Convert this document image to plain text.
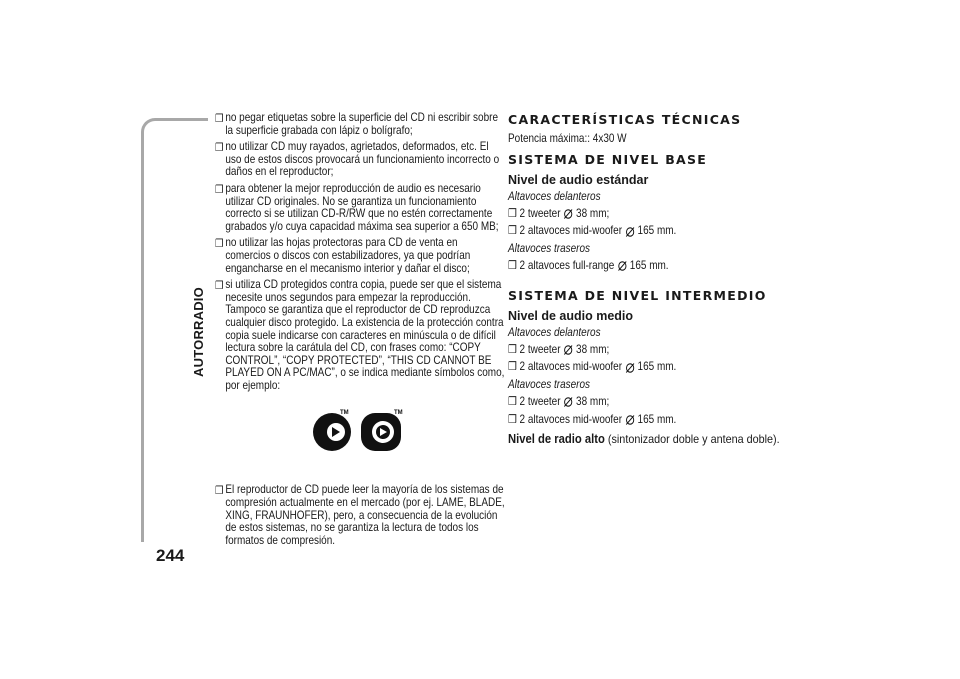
AUTORRADIO
244
❒ no pegar etiquetas sobre la superficie del CD ni escribir sobre la superficie grabada con lápiz o bolígrafo;
❒ no utilizar CD muy rayados, agrietados, deformados, etc. El uso de estos discos provocará un funcionamiento incorrecto o daños en el reproductor;
❒ para obtener la mejor reproducción de audio es necesario utilizar CD originales. No se garantiza un funcionamiento correcto si se utilizan CD-R/RW que no estén correctamente grabados y/o cuya capacidad máxima sea superior a 650 MB;
❒ no utilizar las hojas protectoras para CD de venta en comercios o discos con estabilizadores, ya que podrían engancharse en el mecanismo interior y dañar el disco;
❒ si utiliza CD protegidos contra copia, puede ser que el sistema necesite unos segundos para empezar la reproducción. Tampoco se garantiza que el reproductor de CD reproduzca cualquier disco protegido. La existencia de la protección contra copia suele indicarse con caracteres en minúscula o de difícil lectura sobre la carátula del CD, con frases como: “COPY CONTROL”, “COPY PROTECTED”, “THIS CD CANNOT BE PLAYED ON A PC/MAC”, o se indica mediante símbolos como, por ejemplo:
TM	TM
❒ El reproductor de CD puede leer la mayoría de los sistemas de compresión actualmente en el mercado (por ej. LAME, BLADE, XING, FRAUNHOFER), pero, a consecuencia de la evolución de estos sistemas, no se garantiza la lectura de todos los formatos de compresión.
CARACTERÍSTICAS TÉCNICAS
Potencia máxima:: 4x30 W
SISTEMA DE NIVEL BASE
Nivel de audio estándar
Altavoces delanteros
❒ 2 tweeter 38 mm;
❒ 2 altavoces mid-woofer 165 mm.
Altavoces traseros
❒ 2 altavoces full-range 165 mm.
SISTEMA DE NIVEL INTERMEDIO
Nivel de audio medio
Altavoces delanteros
❒ 2 tweeter 38 mm;
❒ 2 altavoces mid-woofer 165 mm.
Altavoces traseros
❒ 2 tweeter 38 mm;
❒ 2 altavoces mid-woofer 165 mm.
Nivel de radio alto (sintonizador doble y antena doble).
